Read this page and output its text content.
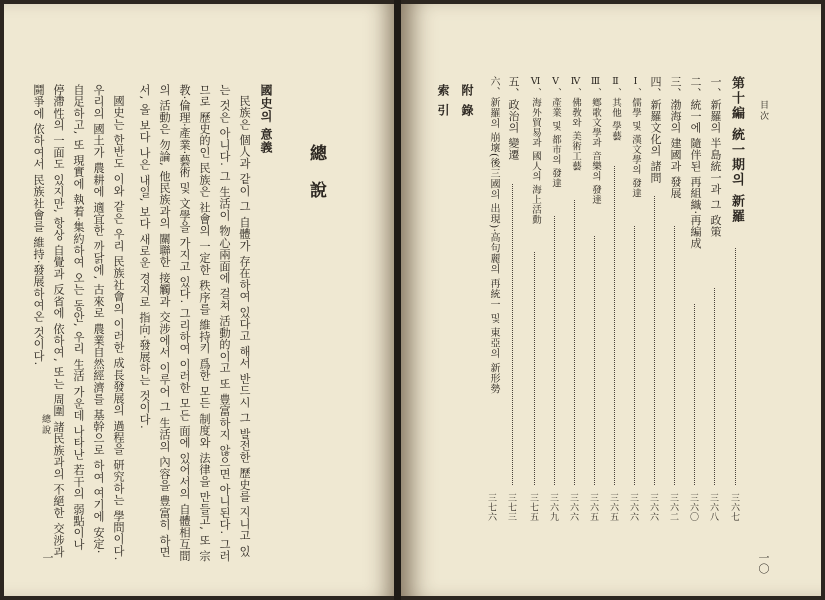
總說
國史의 意義

民族은 個人과 같이 그 自體가 存在하여 있다고 해서 반드시 그 발전한 歷史를 지니고 있는 것은 아니다. 그 生活이 物心兩面에 걸쳐 活動的이고 또 豊富하지 않으면 아니된다. 그러므로 歷史的인 民族은 社會의 一定한 秩序를 維持키 爲한 모든 制度와 法律을 만들고, 또 宗教·倫理·產業·藝術 및 文學을 가지고 있다. 그리하여 이러한 모든 面에 있어서의 自體相互間의 活動은 勿論, 他民族과의 關聯한 接觸과 交涉에서 이루어 그 生活의 內容을 豊富히 하면서, 올 보다 나은 내일, 보다 새로운 경지로 指向·發展하는 것이다.

國史는 한반도 이와 같은 우리 民族社會의 이러한 成長發展의 過程을 研究하는 學問이다. 우리의 國土가 農耕에 適宜한 까닭에, 古來로 農業自然經濟를 基幹으로 하여 여기에 安定·自足하고, 또 現實에 執着·集約하여 오는 동안, 우리 生活 가운데 나타난 若干의 弱點이나 停滯性의 一面도 있지만, 항상 自覺과 反省에 依하여, 또는 周圍 諸民族과의 不絕한 交涉과 鬪爭에 依하여서 民族社會를 維持·發展하여온 것이다.

總說
一
目次
一〇
第十編 統一期의 新羅
三六七
一、新羅의 半島統一과 그 政策
三六八
二、統一에 隨伴된 再組織·再編成
三六〇
三、渤海의 建國과 發展
三六二
四、新羅文化의 諸問
三六六
Ⅰ、儒學 및 漢文學의 發達
三六六
Ⅱ、其他 學藝
三六五
Ⅲ、鄕歌文學과 音樂의 發達
三六五
Ⅳ、佛敎와 美術工藝
三六六
Ⅴ、產業 및 都市의 發達
三六九
Ⅵ、海外貿易과 國人의 海上活動
三七五
五、政治의 變遷
三七三
六、新羅의 崩壞(後三國의 出現)·高句麗의 再統一 및 東亞의 新形勢
三七六
附錄
索引
